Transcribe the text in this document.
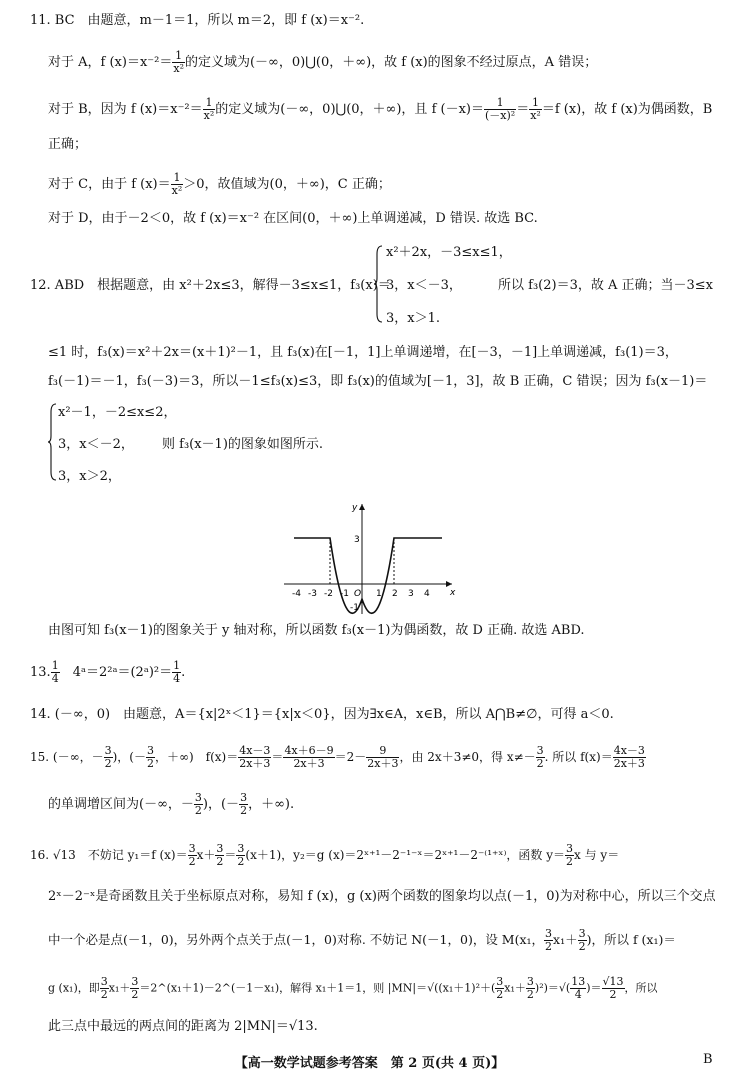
11. BC　由题意，m－1＝1，所以 m＝2，即 f (x)＝x⁻².
对于 A，f $(x)=x^{-2}= \frac{1}{\text{x²}}$ 的定义域为(－∞，0)⋃(0，＋∞)，故 f (x)的图象不经过原点，A 错误；
对于 B，因为 f $(x)=x^{-2}= \frac{1}{\text{x²}}$ 的定义域为(－∞，0)⋃(0，＋∞)，且 f $(-x)= \frac{1}{\text{(－x)²}} = \frac{1}{\text{x²}} =f$ (x)，故 f (x)为偶函数，B
正确；
对于 C，由于 f $(x)= \frac{1}{\text{x²}} >0$，故值域为(0，＋∞)，C 正确；
对于 D，由于－2＜0，故 f (x)＝x⁻² 在区间(0，＋∞)上单调递减，D 错误. 故选 BC.
x²＋2x，－3≤x≤1，
12. ABD　根据题意，由 x²＋2x≤3，解得－3≤x≤1，f₃(x)＝
3，x＜－3，	所以 f₃(2)＝3，故 A 正确；当－3≤x
3，x＞1.
≤1 时，f₃(x)＝x²＋2x＝(x＋1)²－1，且 f₃(x)在[－1，1]上单调递增，在[－3，－1]上单调递减，f₃(1)＝3，
f₃(－1)＝－1，f₃(－3)＝3，所以－1≤f₃(x)≤3，即 f₃(x)的值域为[－1，3]，故 B 正确，C 错误；因为 f₃(x－1)＝
x²－1，－2≤x≤2，
3，x＜－2， 则 f₃(x－1)的图象如图所示.
3，x＞2，
y
x
3
-1
O
-4 -3 -2 -1	1 2 3 4
由图可知 f₃(x－1)的图象关于 y 轴对称，所以函数 f₃(x－1)为偶函数，故 D 正确. 故选 ABD.
13. $\frac{1}{4}$ 　4ᵃ＝2²ᵃ＝(2ᵃ)²＝ $\frac{1}{4}$ .
14. (－∞，0)　由题意，A＝{x|2ˣ＜1}＝{x|x＜0}，因为∃x∈A，x∈B，所以 A⋂B≠∅，可得 a＜0.
15. (－∞，－ $\frac{3}{2}$ )，(－ $\frac{3}{2}$ ，＋∞)　$f(x)= \frac{4x-3}{2x+3} = \frac{4x+6-9}{2x+3} =2- \frac{9}{2x+3}$ ，由 2x＋3≠0，得 $x\ne- \frac{3}{2}$ . 所以 $f(x)= \frac{4x-3}{2x+3}$
的单调增区间为(－∞，－ $\frac{3}{2}$ )，(－ $\frac{3}{2}$ ，＋∞).
16. √13　不妨记 y₁＝f $(x)= \frac{3}{2} x+ \frac{3}{2} = \frac{3}{2} (x+1)$，y₂＝g (x)＝2ˣ⁺¹－2⁻¹⁻ˣ＝2ˣ⁺¹－2⁻⁽¹⁺ˣ⁾，函数 $y= \frac{3}{2}$ x 与 y＝
2ˣ－2⁻ˣ是奇函数且关于坐标原点对称，易知 f (x)，g (x)两个函数的图象均以点(－1，0)为对称中心，所以三个交点
中一个必是点(－1，0)，另外两个点关于点(－1，0)对称. 不妨记 N(－1，0)，设 M(x₁， $\frac{3}{2} x_1+ \frac{3}{2}$ )，所以 f (x₁)＝
g (x₁)，即 $\frac{3}{2} x_1+ \frac{3}{2}$ ＝2^(x₁＋1)－2^(－1－x₁)，解得 x₁＋1＝1，则 $|MN|=√((x_1+1)^2+( \frac{3}{2} x_1+ \frac{3}{2} )^2)=√( \frac{13}{4}$ )＝ $\frac{√13}{2}$ ，所以
此三点中最远的两点间的距离为 2|MN|＝√13.
【高一数学试题参考答案　第 2 页(共 4 页)】	B
